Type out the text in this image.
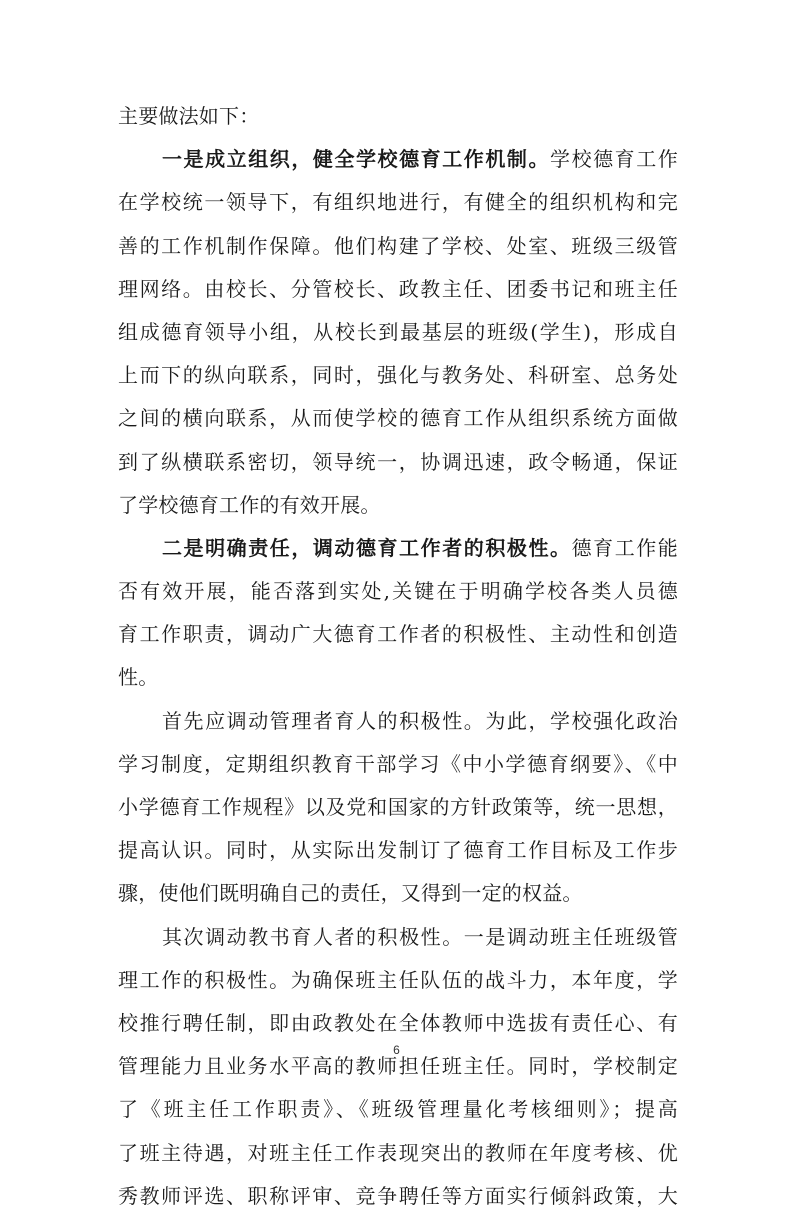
主要做法如下：
一是成立组织，健全学校德育工作机制。学校德育工作
在学校统一领导下，有组织地进行，有健全的组织机构和完
善的工作机制作保障。他们构建了学校、处室、班级三级管
理网络。由校长、分管校长、政教主任、团委书记和班主任
组成德育领导小组，从校长到最基层的班级(学生)，形成自
上而下的纵向联系，同时，强化与教务处、科研室、总务处
之间的横向联系，从而使学校的德育工作从组织系统方面做
到了纵横联系密切，领导统一，协调迅速，政令畅通，保证
了学校德育工作的有效开展。
二是明确责任，调动德育工作者的积极性。德育工作能
否有效开展，能否落到实处,关键在于明确学校各类人员德
育工作职责，调动广大德育工作者的积极性、主动性和创造
性。
首先应调动管理者育人的积极性。为此，学校强化政治
学习制度，定期组织教育干部学习《中小学德育纲要》、《中
小学德育工作规程》以及党和国家的方针政策等，统一思想，
提高认识。同时，从实际出发制订了德育工作目标及工作步
骤，使他们既明确自己的责任，又得到一定的权益。
其次调动教书育人者的积极性。一是调动班主任班级管
理工作的积极性。为确保班主任队伍的战斗力，本年度，学
校推行聘任制，即由政教处在全体教师中选拔有责任心、有
管理能力且业务水平高的教师担任班主任。同时，学校制定
了《班主任工作职责》、《班级管理量化考核细则》；提高
了班主待遇，对班主任工作表现突出的教师在年度考核、优
秀教师评选、职称评审、竞争聘任等方面实行倾斜政策，大
6
